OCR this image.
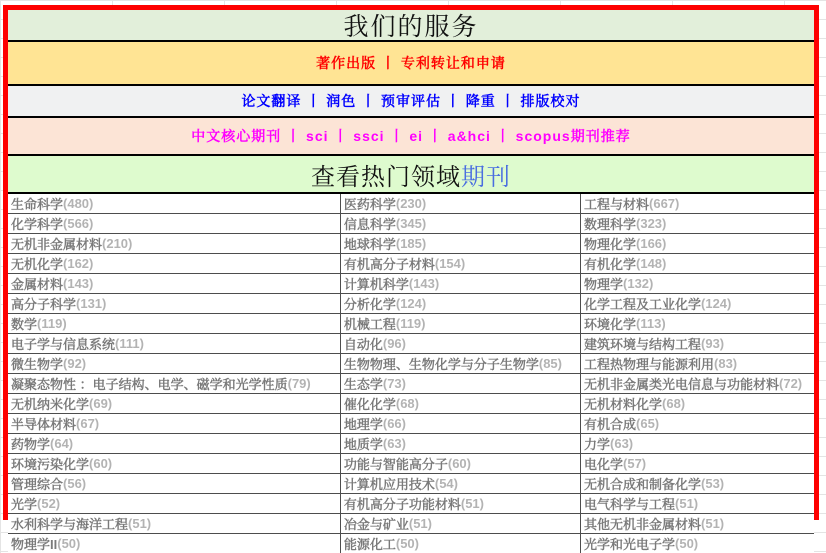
我们的服务
著作出版 丨 专利转让和申请
论文翻译 丨 润色 丨 预审评估 丨 降重 丨 排版校对
中文核心期刊 丨 sci 丨 ssci 丨 ei 丨 a&hci 丨 scopus期刊推荐
查看热门领域 期刊
生命科学 (480)	医药科学 (230)	工程与材料 (667)
化学科学 (566)	信息科学 (345)	数理科学 (323)
无机非金属材料 (210)	地球科学 (185)	物理化学 (166)
无机化学 (162)	有机高分子材料 (154)	有机化学 (148)
金属材料 (143)	计算机科学 (143)	物理学 (132)
高分子科学 (131)	分析化学 (124)	化学工程及工业化学 (124)
数学 (119)	机械工程 (119)	环境化学 (113)
电子学与信息系统 (111)	自动化 (96)	建筑环境与结构工程 (93)
微生物学 (92)	生物物理、生物化学与分子生物学 (85) 工程热物理与能源利用 (83)
凝聚态物性 ：电子结构、电学、磁学和光学性质 (79)	生态学 (73)	无机非金属类光电信息与功能材料 (72)
无机纳米化学 (69)	催化化学 (68)	无机材料化学 (68)
半导体材料 (67)	地理学 (66)	有机合成 (65)
药物学 (64)	地质学 (63)	力学 (63)
环境污染化学 (60)	功能与智能高分子 (60)	电化学 (57)
管理综合 (56)	计算机应用技术 (54)	无机合成和制备化学 (53)
光学 (52)	有机高分子功能材料 (51)	电气科学与工程 (51)
水利科学与海洋工程 (51)	冶金与矿业 (51)	其他无机非金属材料 (51)
物理学II (50)	能源化工 (50)	光学和光电子学 (50)
